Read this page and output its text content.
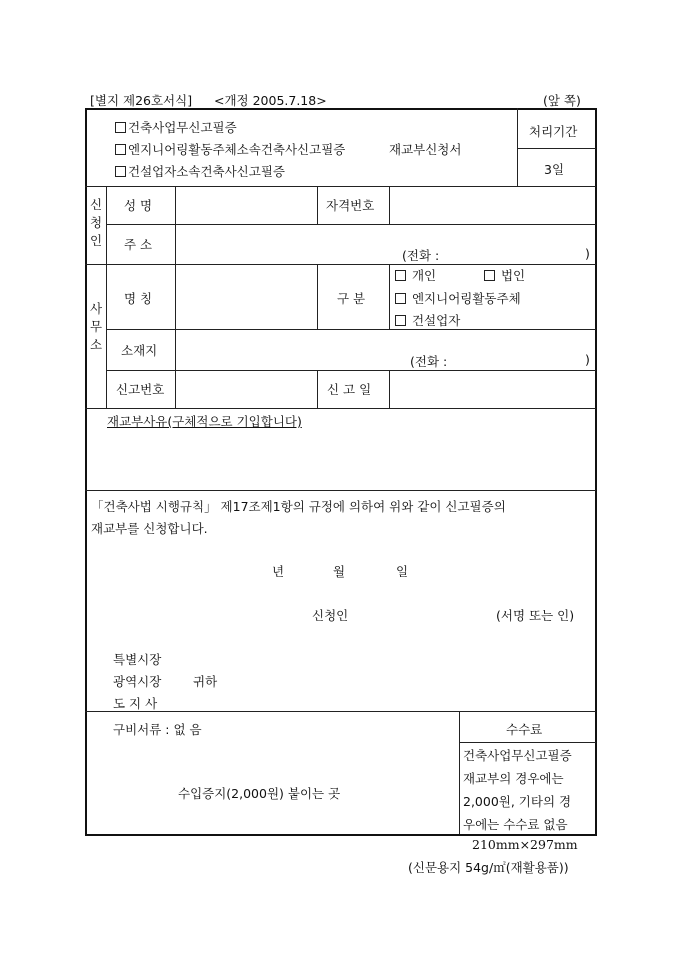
[별지 제26호서식] <개정 2005.7.18>	(앞 쪽)
건축사업무신고필증
엔지니어링활동주체소속건축사신고필증	재교부신청서
건설업자소속건축사신고필증
처리기간
3일
신
청
인
성 명	자격번호
주 소
(전화 :	)
사
무
소
명 칭	구 분
개인	법인
엔지니어링활동주체
건설업자
소재지
(전화 :	)
신고번호	신 고 일
재교부사유(구체적으로 기입합니다)
「건축사법 시행규칙」 제17조제1항의 규정에 의하여 위와 같이 신고필증의
재교부를 신청합니다.
년	월	일
신청인	(서명 또는 인)
특별시장
광역시장	귀하
도 지 사
구비서류 : 없 음
수입증지(2,000원) 붙이는 곳
수수료
건축사업무신고필증
재교부의 경우에는
2,000원, 기타의 경
우에는 수수료 없음
210mm×297mm
(신문용지 54g/㎡(재활용품))
